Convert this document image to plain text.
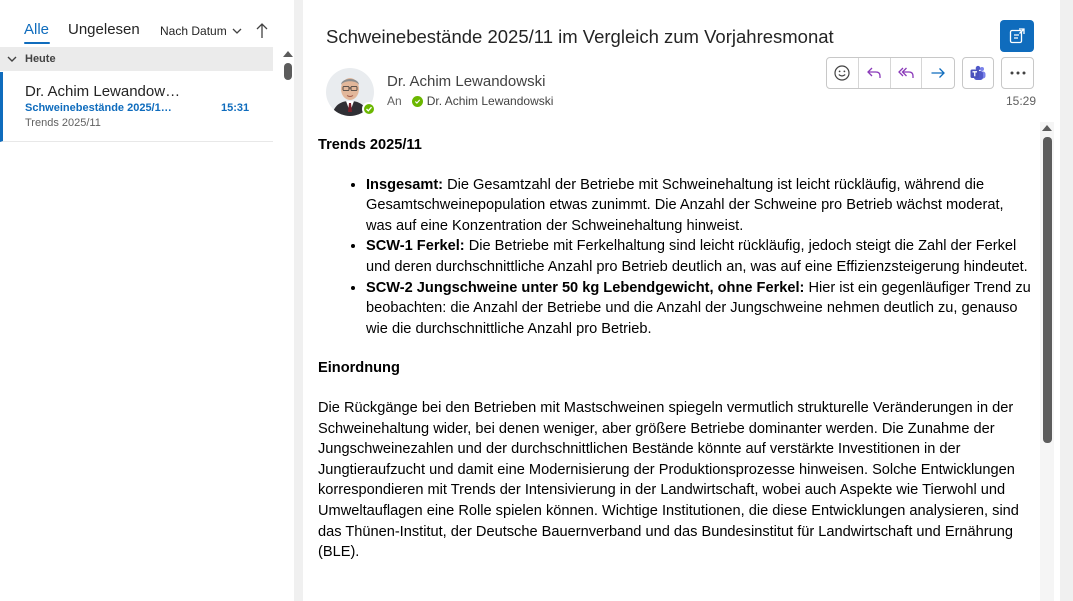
Alle Ungelesen Nach Datum
Heute
Dr. Achim Lewandow…
Schweinebestände 2025/1…	15:31
Trends 2025/11
Schweinebestände 2025/11 im Vergleich zum Vorjahresmonat
Dr. Achim Lewandowski
An Dr. Achim Lewandowski	15:29
Trends 2025/11
• Insgesamt: Die Gesamtzahl der Betriebe mit Schweinehaltung ist leicht rückläufig, während die Gesamtschweinepopulation etwas zunimmt. Die Anzahl der Schweine pro Betrieb wächst moderat, was auf eine Konzentration der Schweinehaltung hinweist.
• SCW-1 Ferkel: Die Betriebe mit Ferkelhaltung sind leicht rückläufig, jedoch steigt die Zahl der Ferkel und deren durchschnittliche Anzahl pro Betrieb deutlich an, was auf eine Effizienzsteigerung hindeutet.
• SCW-2 Jungschweine unter 50 kg Lebendgewicht, ohne Ferkel: Hier ist ein gegenläufiger Trend zu beobachten: die Anzahl der Betriebe und die Anzahl der Jungschweine nehmen deutlich zu, genauso wie die durchschnittliche Anzahl pro Betrieb.
Einordnung

Die Rückgänge bei den Betrieben mit Mastschweinen spiegeln vermutlich strukturelle Veränderungen in der Schweinehaltung wider, bei denen weniger, aber größere Betriebe dominanter werden. Die Zunahme der Jungschweinezahlen und der durchschnittlichen Bestände könnte auf verstärkte Investitionen in der Jungtieraufzucht und damit eine Modernisierung der Produktionsprozesse hinweisen. Solche Entwicklungen korrespondieren mit Trends der Intensivierung in der Landwirtschaft, wobei auch Aspekte wie Tierwohl und Umweltauflagen eine Rolle spielen können. Wichtige Institutionen, die diese Entwicklungen analysieren, sind das Thünen-Institut, der Deutsche Bauernverband und das Bundesinstitut für Landwirtschaft und Ernährung (BLE).
